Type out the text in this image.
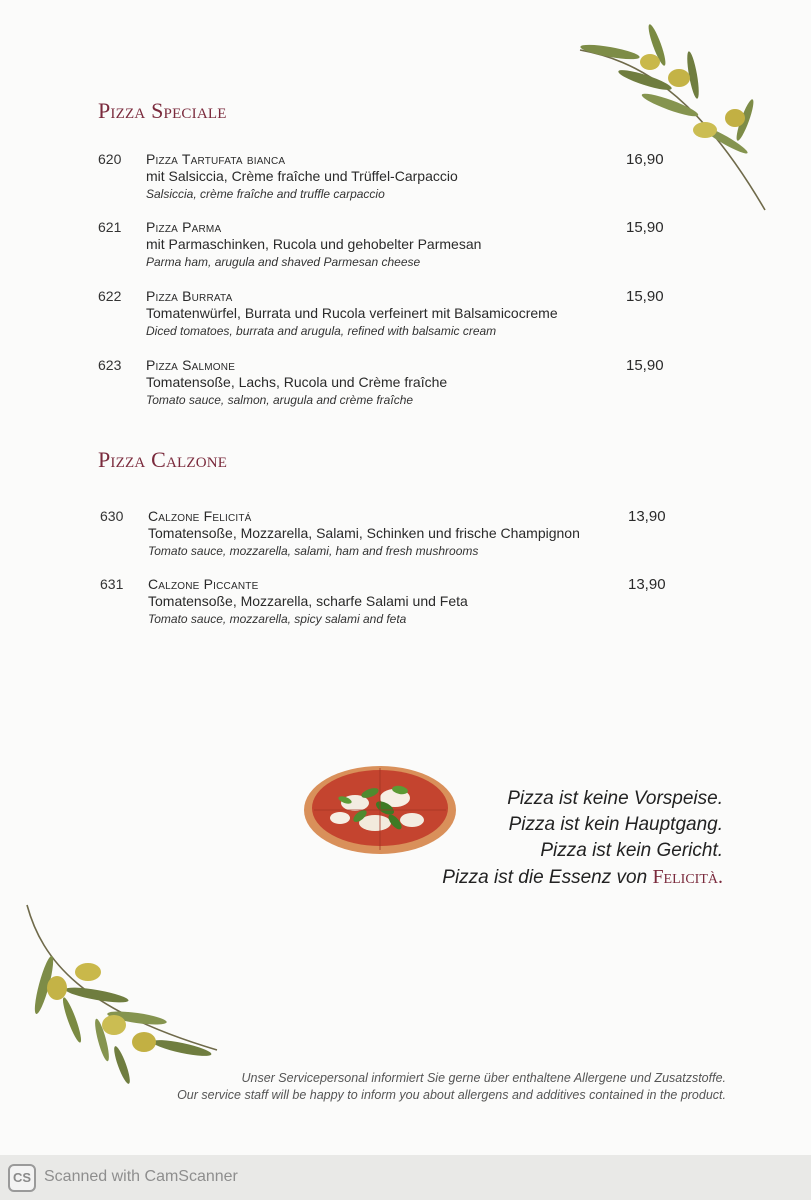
Pizza Speciale
620 Pizza Tartufata bianca
mit Salsiccia, Crème fraîche und Trüffel-Carpaccio
Salsiccia, crème fraîche and truffle carpaccio
16,90
621 Pizza Parma
mit Parmaschinken, Rucola und gehobelter Parmesan
Parma ham, arugula and shaved Parmesan cheese
15,90
622 Pizza Burrata
Tomatenwürfel, Burrata und Rucola verfeinert mit Balsamicocreme
Diced tomatoes, burrata and arugula, refined with balsamic cream
15,90
623 Pizza Salmone
Tomatensoße, Lachs, Rucola und Crème fraîche
Tomato sauce, salmon, arugula and crème fraîche
15,90
Pizza Calzone
630 Calzone Felicitá
Tomatensoße, Mozzarella, Salami, Schinken und frische Champignon
Tomato sauce, mozzarella, salami, ham and fresh mushrooms
13,90
631 Calzone Piccante
Tomatensoße, Mozzarella, scharfe Salami und Feta
Tomato sauce, mozzarella, spicy salami and feta
13,90
Pizza ist keine Vorspeise.
Pizza ist kein Hauptgang.
Pizza ist kein Gericht.
Pizza ist die Essenz von Felicità.
Unser Servicepersonal informiert Sie gerne über enthaltene Allergene und Zusatzstoffe.
Our service staff will be happy to inform you about allergens and additives contained in the product.
CS Scanned with CamScanner
